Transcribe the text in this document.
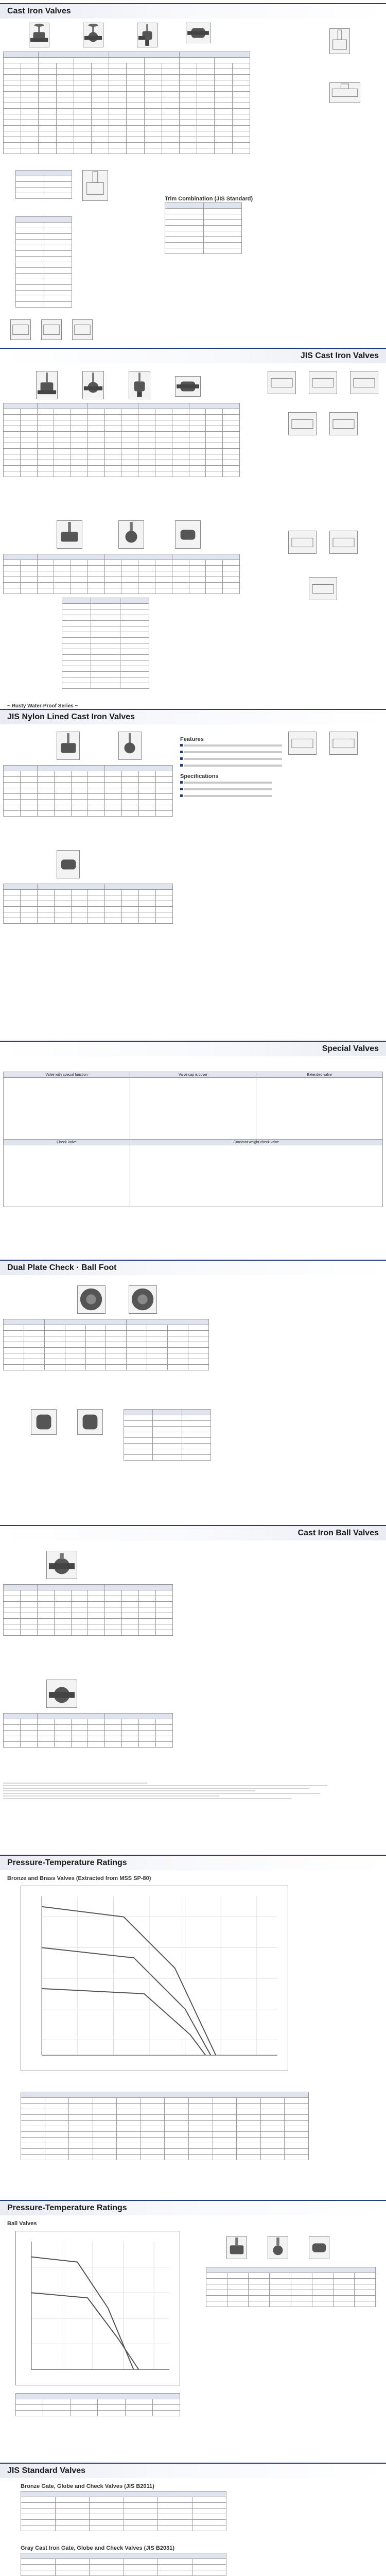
Cast Iron Valves

Trim Combination (JIS Standard)

JIS Cast Iron Valves

~ Rusty Water-Proof Series ~
JIS Nylon Lined Cast Iron Valves

Features
Specifications

Special Valves
Valve with special function	Valve cap is cover	Extended valve

Check Valve	Constant weight check valve	

Dual Plate Check · Ball Foot

Cast Iron Ball Valves

Pressure-Temperature Ratings
Bronze and Brass Valves (Extracted from MSS SP-80)

Pressure-Temperature Ratings
Ball Valves

JIS Standard Valves
Bronze Gate, Globe and Check Valves (JIS B2011)

Gray Cast Iron Gate, Globe and Check Valves (JIS B2031)
